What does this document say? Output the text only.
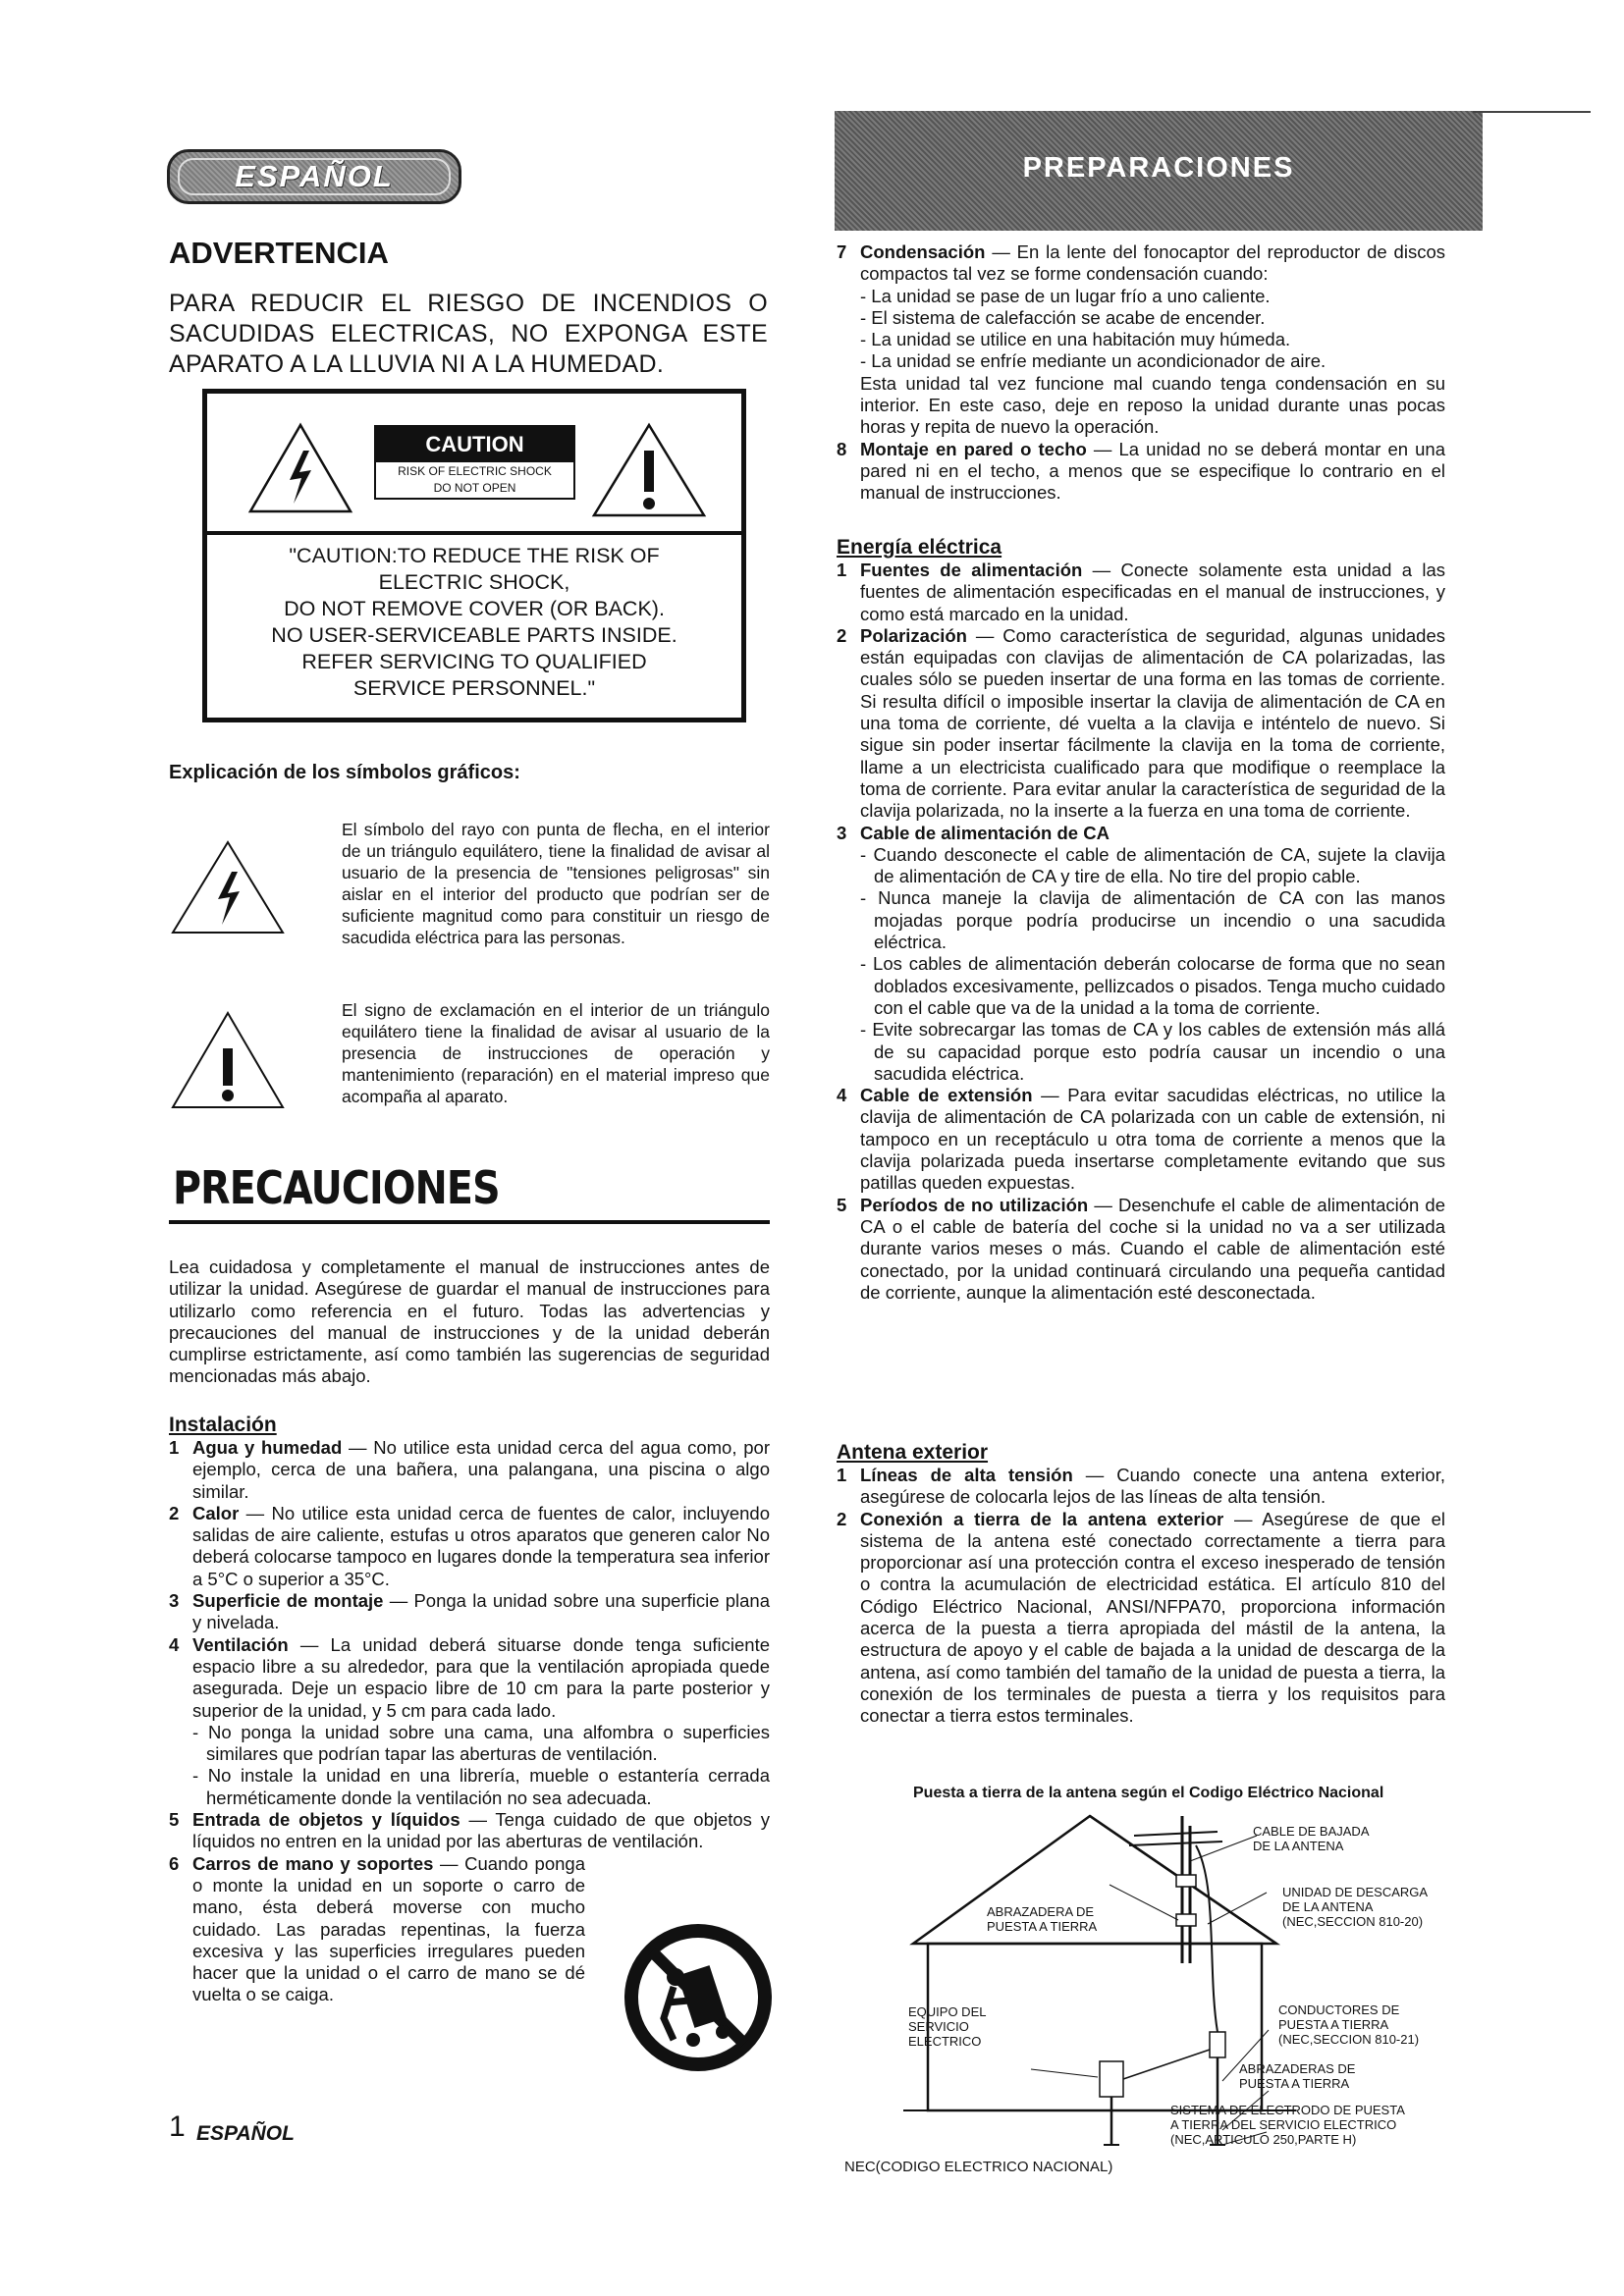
ESPAÑOL	PREPARACIONES
ADVERTENCIA
PARA REDUCIR EL RIESGO DE INCENDIOS O SACUDIDAS ELECTRICAS, NO EXPONGA ESTE APARATO A LA LLUVIA NI A LA HUMEDAD.
CAUTION
RISK OF ELECTRIC SHOCK
DO NOT OPEN
"CAUTION:TO REDUCE THE RISK OF
ELECTRIC SHOCK,
DO NOT REMOVE COVER (OR BACK).
NO USER-SERVICEABLE PARTS INSIDE.
REFER SERVICING TO QUALIFIED
SERVICE PERSONNEL."
Explicación de los símbolos gráficos:
El símbolo del rayo con punta de flecha, en el interior de un triángulo equilátero, tiene la finalidad de avisar al usuario de la presencia de "tensiones peligrosas" sin aislar en el interior del producto que podrían ser de suficiente magnitud como para constituir un riesgo de sacudida eléctrica para las personas.
El signo de exclamación en el interior de un triángulo equilátero tiene la finalidad de avisar al usuario de la presencia de instrucciones de operación y mantenimiento (reparación) en el material impreso que acompaña al aparato.
PRECAUCIONES
Lea cuidadosa y completamente el manual de instrucciones antes de utilizar la unidad. Asegúrese de guardar el manual de instrucciones para utilizarlo como referencia en el futuro. Todas las advertencias y precauciones del manual de instrucciones y de la unidad deberán cumplirse estrictamente, así como también las sugerencias de seguridad mencionadas más abajo.
Instalación
1 Agua y humedad — No utilice esta unidad cerca del agua como, por ejemplo, cerca de una bañera, una palangana, una piscina o algo similar.
2 Calor — No utilice esta unidad cerca de fuentes de calor, incluyendo salidas de aire caliente, estufas u otros aparatos que generen calor No deberá colocarse tampoco en lugares donde la temperatura sea inferior a 5°C o superior a 35°C.
3 Superficie de montaje — Ponga la unidad sobre una superficie plana y nivelada.
4 Ventilación — La unidad deberá situarse donde tenga suficiente espacio libre a su alrededor, para que la ventilación apropiada quede asegurada. Deje un espacio libre de 10 cm para la parte posterior y superior de la unidad, y 5 cm para cada lado.
- No ponga la unidad sobre una cama, una alfombra o superficies similares que podrían tapar las aberturas de ventilación.
- No instale la unidad en una librería, mueble o estantería cerrada herméticamente donde la ventilación no sea adecuada.
5 Entrada de objetos y líquidos — Tenga cuidado de que objetos y líquidos no entren en la unidad por las aberturas de ventilación.
6 Carros de mano y soportes — Cuando ponga o monte la unidad en un soporte o carro de mano, ésta deberá moverse con mucho cuidado. Las paradas repentinas, la fuerza excesiva y las superficies irregulares pueden hacer que la unidad o el carro de mano se dé vuelta o se caiga.
7 Condensación — En la lente del fonocaptor del reproductor de discos compactos tal vez se forme condensación cuando:
- La unidad se pase de un lugar frío a uno caliente.
- El sistema de calefacción se acabe de encender.
- La unidad se utilice en una habitación muy húmeda.
- La unidad se enfríe mediante un acondicionador de aire.
Esta unidad tal vez funcione mal cuando tenga condensación en su interior. En este caso, deje en reposo la unidad durante unas pocas horas y repita de nuevo la operación.
8 Montaje en pared o techo — La unidad no se deberá montar en una pared ni en el techo, a menos que se especifique lo contrario en el manual de instrucciones.
Energía eléctrica
1 Fuentes de alimentación — Conecte solamente esta unidad a las fuentes de alimentación especificadas en el manual de instrucciones, y como está marcado en la unidad.
2 Polarización — Como característica de seguridad, algunas unidades están equipadas con clavijas de alimentación de CA polarizadas, las cuales sólo se pueden insertar de una forma en las tomas de corriente. Si resulta difícil o imposible insertar la clavija de alimentación de CA en una toma de corriente, dé vuelta a la clavija e inténtelo de nuevo. Si sigue sin poder insertar fácilmente la clavija en la toma de corriente, llame a un electricista cualificado para que modifique o reemplace la toma de corriente. Para evitar anular la característica de seguridad de la clavija polarizada, no la inserte a la fuerza en una toma de corriente.
3 Cable de alimentación de CA
- Cuando desconecte el cable de alimentación de CA, sujete la clavija de alimentación de CA y tire de ella. No tire del propio cable.
- Nunca maneje la clavija de alimentación de CA con las manos mojadas porque podría producirse un incendio o una sacudida eléctrica.
- Los cables de alimentación deberán colocarse de forma que no sean doblados excesivamente, pellizcados o pisados. Tenga mucho cuidado con el cable que va de la unidad a la toma de corriente.
- Evite sobrecargar las tomas de CA y los cables de extensión más allá de su capacidad porque esto podría causar un incendio o una sacudida eléctrica.
4 Cable de extensión — Para evitar sacudidas eléctricas, no utilice la clavija de alimentación de CA polarizada con un cable de extensión, ni tampoco en un receptáculo u otra toma de corriente a menos que la clavija polarizada pueda insertarse completamente evitando que sus patillas queden expuestas.
5 Períodos de no utilización — Desenchufe el cable de alimentación de CA o el cable de batería del coche si la unidad no va a ser utilizada durante varios meses o más. Cuando el cable de alimentación esté conectado, por la unidad continuará circulando una pequeña cantidad de corriente, aunque la alimentación esté desconectada.
Antena exterior
1 Líneas de alta tensión — Cuando conecte una antena exterior, asegúrese de colocarla lejos de las líneas de alta tensión.
2 Conexión a tierra de la antena exterior — Asegúrese de que el sistema de la antena esté conectado correctamente a tierra para proporcionar así una protección contra el exceso inesperado de tensión o contra la acumulación de electricidad estática. El artículo 810 del Código Eléctrico Nacional, ANSI/NFPA70, proporciona información acerca de la puesta a tierra apropiada del mástil de la antena, la estructura de apoyo y el cable de bajada a la unidad de descarga de la antena, así como también del tamaño de la unidad de puesta a tierra, la conexión de los terminales de puesta a tierra y los requisitos para conectar a tierra estos terminales.
Puesta a tierra de la antena según el Codigo Eléctrico Nacional
CABLE DE BAJADA
DE LA ANTENA
ABRAZADERA DE
PUESTA A TIERRA
UNIDAD DE DESCARGA
DE LA ANTENA
(NEC,SECCION 810-20)
EQUIPO DEL
SERVICIO
ELECTRICO
CONDUCTORES DE
PUESTA A TIERRA
(NEC,SECCION 810-21)
ABRAZADERAS DE
PUESTA A TIERRA
SISTEMA DE ELECTRODO DE PUESTA
A TIERRA DEL SERVICIO ELECTRICO
(NEC,ARTICULO 250,PARTE H)
NEC(CODIGO ELECTRICO NACIONAL)
1 ESPAÑOL
